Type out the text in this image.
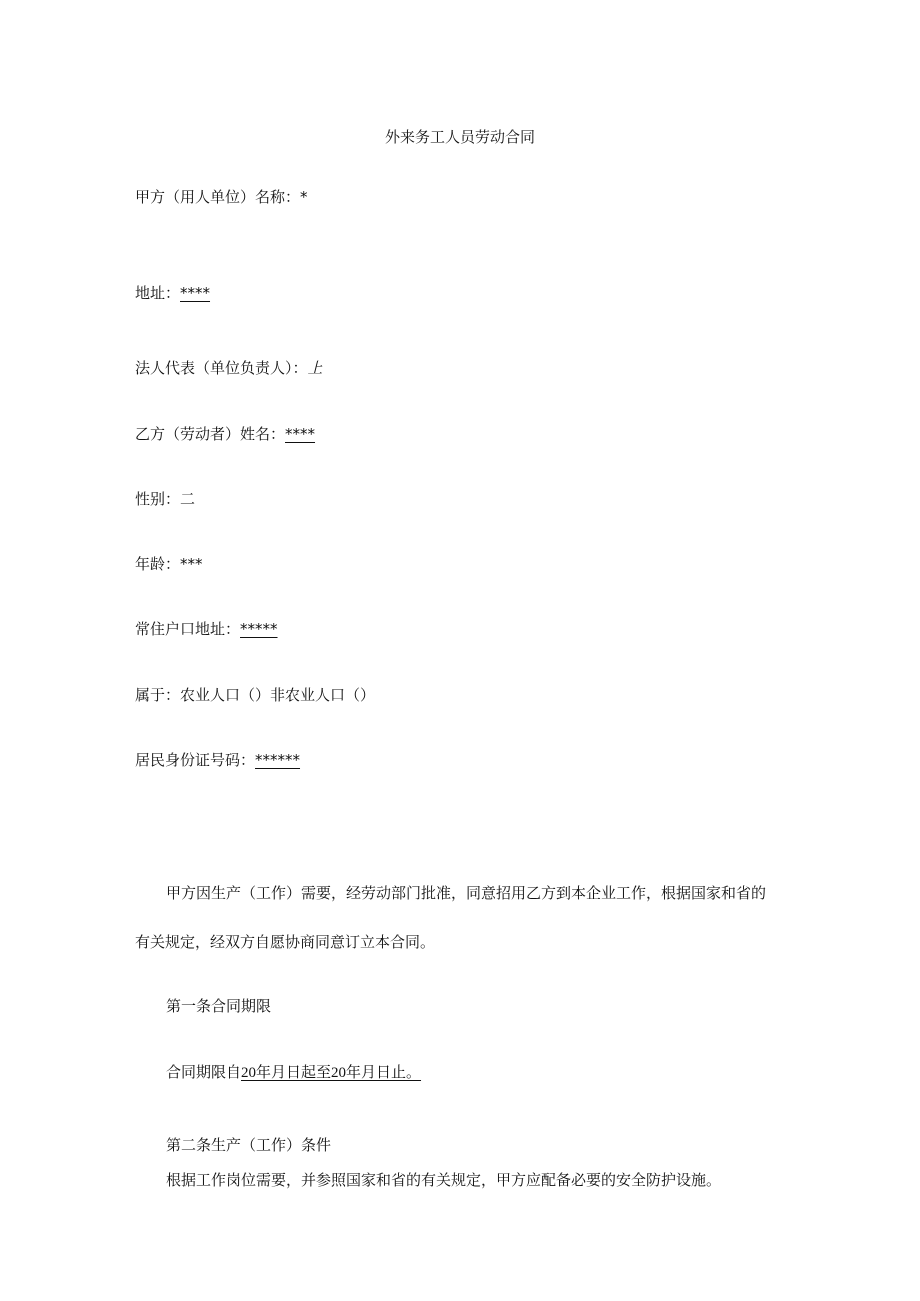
外来务工人员劳动合同
甲方（用人单位）名称：*
地址：****
法人代表（单位负责人）：上
乙方（劳动者）姓名：****
性别：二
年龄：***
常住户口地址：*****
属于：农业人口（）非农业人口（）
居民身份证号码：******
甲方因生产（工作）需要，经劳动部门批准，同意招用乙方到本企业工作，根据国家和省的
有关规定，经双方自愿协商同意订立本合同。
第一条合同期限
合同期限自20年月日起至20年月日止。
第二条生产（工作）条件
根据工作岗位需要，并参照国家和省的有关规定，甲方应配备必要的安全防护设施。
